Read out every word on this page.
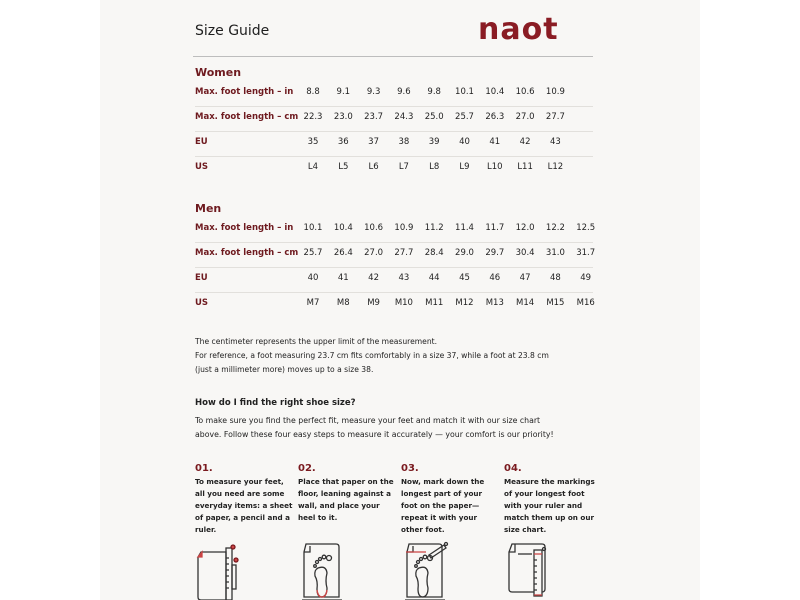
Size Guide	naot
Women
Men
The centimeter represents the upper limit of the measurement.
For reference, a foot measuring 23.7 cm fits comfortably in a size 37, while a foot at 23.8 cm
(just a millimeter more) moves up to a size 38.
How do I find the right shoe size?
To make sure you find the perfect fit, measure your feet and match it with our size chart
above. Follow these four easy steps to measure it accurately — your comfort is our priority!
01.
To measure your feet, all you need are some everyday items: a sheet of paper, a pencil and a ruler.
02.
Place that paper on the floor, leaning against a wall, and place your heel to it.
03.
Now, mark down the longest part of your foot on the paper—repeat it with your other foot.
04.
Measure the markings of your longest foot with your ruler and match them up on our size chart.
Max. foot length – in	8.8	9.1	9.3	9.6	9.8	10.1	10.4	10.6	10.9
Max. foot length – cm 22.3	23.0	23.7	24.3	25.0	25.7	26.3	27.0	27.7
EU	35	36	37	38	39	40	41	42	43
US	L4	L5	L6	L7	L8	L9	L10	L11	L12
Max. foot length – in	10.1	10.4	10.6	10.9	11.2	11.4	11.7	12.0	12.2	12.5
Max. foot length – cm 25.7	26.4	27.0	27.7	28.4	29.0	29.7	30.4	31.0	31.7
EU	40	41	42	43	44	45	46	47	48	49
US	M7	M8	M9	M10	M11	M12	M13	M14	M15	M16
